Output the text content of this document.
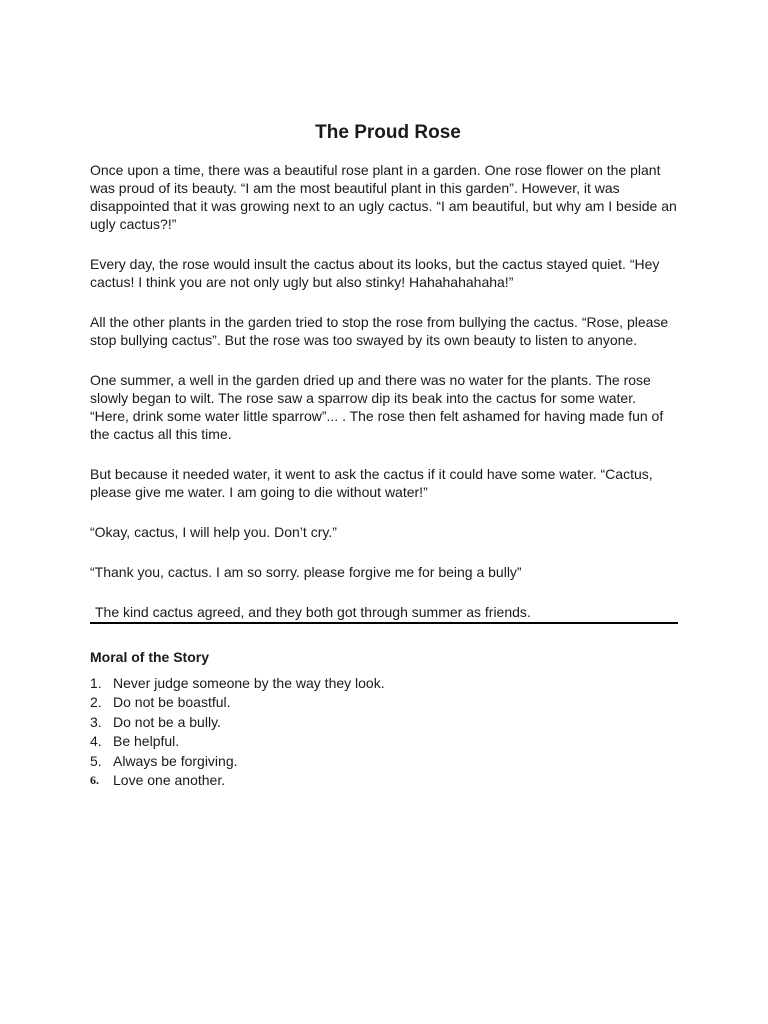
The Proud Rose

Once upon a time, there was a beautiful rose plant in a garden. One rose flower on the plant was proud of its beauty. “I am the most beautiful plant in this garden”. However, it was disappointed that it was growing next to an ugly cactus. “I am beautiful, but why am I beside an ugly cactus?!”

Every day, the rose would insult the cactus about its looks, but the cactus stayed quiet. “Hey cactus! I think you are not only ugly but also stinky! Hahahahahaha!”

All the other plants in the garden tried to stop the rose from bullying the cactus. “Rose, please stop bullying cactus”. But the rose was too swayed by its own beauty to listen to anyone.

One summer, a well in the garden dried up and there was no water for the plants. The rose slowly began to wilt. The rose saw a sparrow dip its beak into the cactus for some water. “Here, drink some water little sparrow”... . The rose then felt ashamed for having made fun of the cactus all this time.

But because it needed water, it went to ask the cactus if it could have some water. “Cactus, please give me water. I am going to die without water!”

“Okay, cactus, I will help you. Don’t cry.”

“Thank you, cactus. I am so sorry. please forgive me for being a bully”

The kind cactus agreed, and they both got through summer as friends.
Moral of the Story
1. Never judge someone by the way they look.
2. Do not be boastful.
3. Do not be a bully.
4. Be helpful.
5. Always be forgiving.
6.	Love one another.
